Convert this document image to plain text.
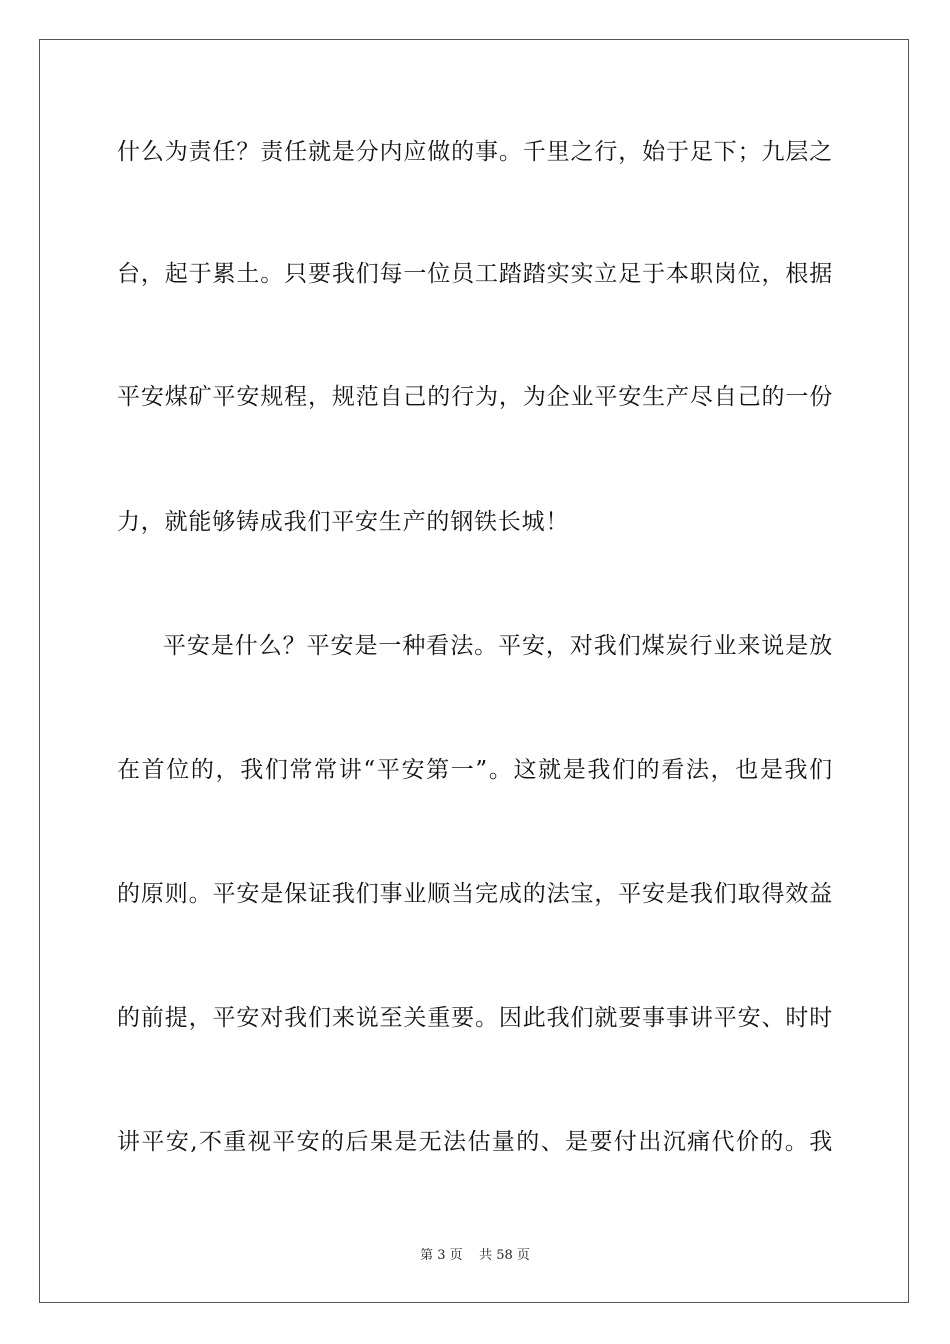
什么为责任？责任就是分内应做的事。千里之行，始于足下；九层之
台，起于累土。只要我们每一位员工踏踏实实立足于本职岗位，根据
平安煤矿平安规程，规范自己的行为，为企业平安生产尽自己的一份
力，就能够铸成我们平安生产的钢铁长城！
平安是什么？平安是一种看法。平安，对我们煤炭行业来说是放
在首位的，我们常常讲“平安第一”。这就是我们的看法，也是我们
的原则。平安是保证我们事业顺当完成的法宝，平安是我们取得效益
的前提，平安对我们来说至关重要。因此我们就要事事讲平安、时时
讲平安,不重视平安的后果是无法估量的、是要付出沉痛代价的。我
第 3 页    共 58 页
